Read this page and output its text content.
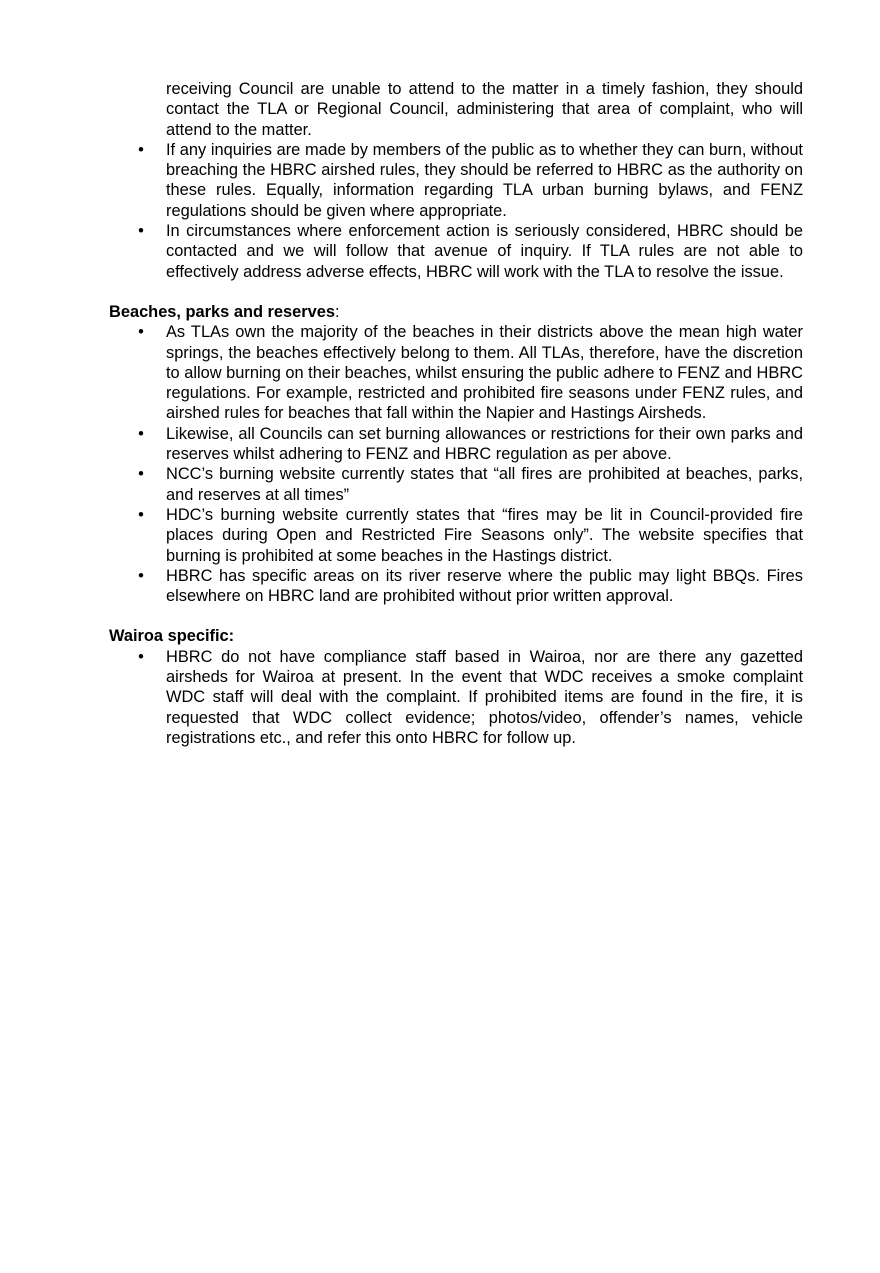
receiving Council are unable to attend to the matter in a timely fashion, they should contact the TLA or Regional Council, administering that area of complaint, who will attend to the matter.

• If any inquiries are made by members of the public as to whether they can burn, without breaching the HBRC airshed rules, they should be referred to HBRC as the authority on these rules. Equally, information regarding TLA urban burning bylaws, and FENZ regulations should be given where appropriate.
• In circumstances where enforcement action is seriously considered, HBRC should be contacted and we will follow that avenue of inquiry. If TLA rules are not able to effectively address adverse effects, HBRC will work with the TLA to resolve the issue.

Beaches, parks and reserves:

• As TLAs own the majority of the beaches in their districts above the mean high water springs, the beaches effectively belong to them. All TLAs, therefore, have the discretion to allow burning on their beaches, whilst ensuring the public adhere to FENZ and HBRC regulations. For example, restricted and prohibited fire seasons under FENZ rules, and airshed rules for beaches that fall within the Napier and Hastings Airsheds.
• Likewise, all Councils can set burning allowances or restrictions for their own parks and reserves whilst adhering to FENZ and HBRC regulation as per above.
• NCC’s burning website currently states that “all fires are prohibited at beaches, parks, and reserves at all times”
• HDC’s burning website currently states that “fires may be lit in Council-provided fire places during Open and Restricted Fire Seasons only”. The website specifies that burning is prohibited at some beaches in the Hastings district.
• HBRC has specific areas on its river reserve where the public may light BBQs. Fires elsewhere on HBRC land are prohibited without prior written approval.

Wairoa specific:

• HBRC do not have compliance staff based in Wairoa, nor are there any gazetted airsheds for Wairoa at present. In the event that WDC receives a smoke complaint WDC staff will deal with the complaint. If prohibited items are found in the fire, it is requested that WDC collect evidence; photos/video, offender’s names, vehicle registrations etc., and refer this onto HBRC for follow up.
